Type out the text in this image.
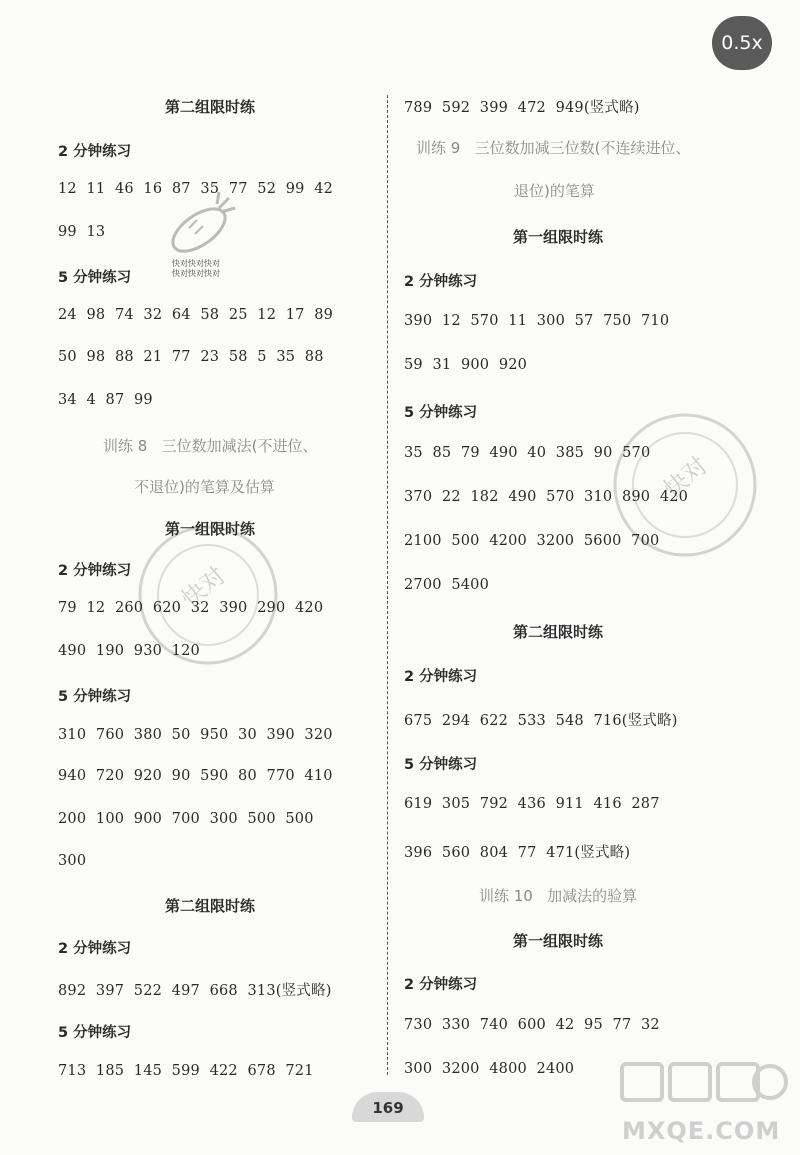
0.5x
快对快对快对
快对快对快对
快对
快对
第二组限时练
2 分钟练习
12  11  46  16  87  35  77  52  99  42
99  13
5 分钟练习
24  98  74  32  64  58  25  12  17  89
50  98  88  21  77  23  58  5  35  88
34  4  87  99
训练 8   三位数加减法(不进位、
不退位)的笔算及估算
第一组限时练
2 分钟练习
79  12  260  620  32  390  290  420
490  190  930  120
5 分钟练习
310  760  380  50  950  30  390  320
940  720  920  90  590  80  770  410
200  100  900  700  300  500  500
300
第二组限时练
2 分钟练习
892  397  522  497  668  313(竖式略)
5 分钟练习
713  185  145  599  422  678  721
789  592  399  472  949(竖式略)
训练 9   三位数加减三位数(不连续进位、
退位)的笔算
第一组限时练
2 分钟练习
390  12  570  11  300  57  750  710
59  31  900  920
5 分钟练习
35  85  79  490  40  385  90  570
370  22  182  490  570  310  890  420
2100  500  4200  3200  5600  700
2700  5400
第二组限时练
2 分钟练习
675  294  622  533  548  716(竖式略)
5 分钟练习
619  305  792  436  911  416  287
396  560  804  77  471(竖式略)
训练 10   加减法的验算
第一组限时练
2 分钟练习
730  330  740  600  42  95  77  32
300  3200  4800  2400
169
MXQE.COM
